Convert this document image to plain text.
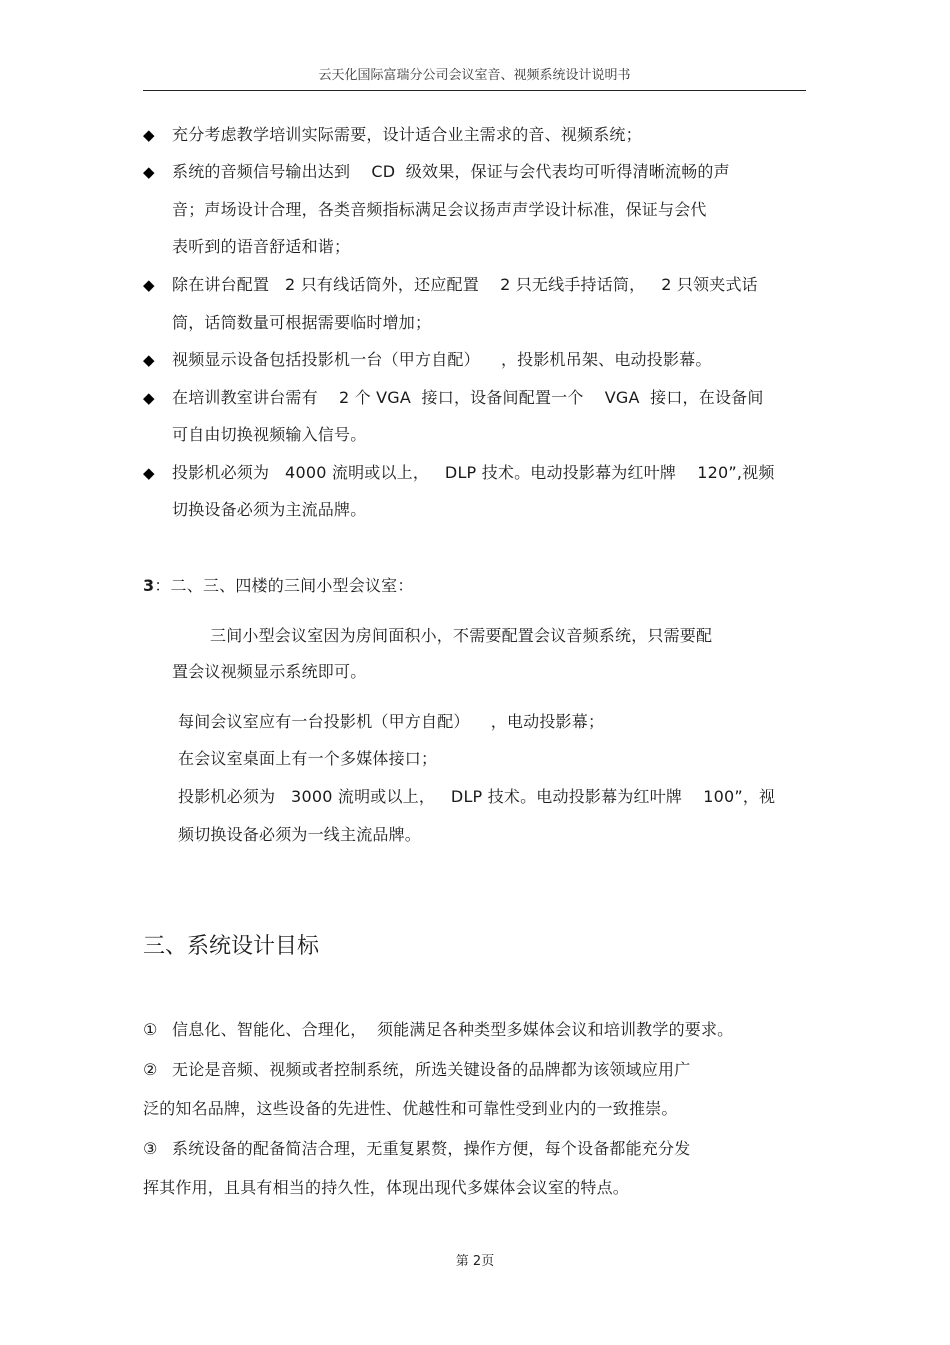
云天化国际富瑞分公司会议室音、视频系统设计说明书
◆ 充分考虑教学培训实际需要，设计适合业主需求的音、视频系统；
◆ 系统的音频信号输出达到    CD  级效果，保证与会代表均可听得清晰流畅的声
音；声场设计合理，各类音频指标满足会议扬声声学设计标准，保证与会代
表听到的语音舒适和谐；
◆ 除在讲台配置   2 只有线话筒外，还应配置    2 只无线手持话筒，   2 只领夹式话
筒，话筒数量可根据需要临时增加；
◆ 视频显示设备包括投影机一台（甲方自配）    ，投影机吊架、电动投影幕。
◆ 在培训教室讲台需有    2 个 VGA  接口，设备间配置一个    VGA  接口，在设备间
可自由切换视频输入信号。
◆ 投影机必须为   4000 流明或以上，   DLP 技术。电动投影幕为红叶牌    120”,视频
切换设备必须为主流品牌。
3：二、三、四楼的三间小型会议室：
三间小型会议室因为房间面积小，不需要配置会议音频系统，只需要配
置会议视频显示系统即可。
每间会议室应有一台投影机（甲方自配）    ，电动投影幕；
在会议室桌面上有一个多媒体接口；
投影机必须为   3000 流明或以上，   DLP 技术。电动投影幕为红叶牌    100”，视
频切换设备必须为一线主流品牌。
三、系统设计目标
① 信息化、智能化、合理化，  须能满足各种类型多媒体会议和培训教学的要求。
② 无论是音频、视频或者控制系统，所选关键设备的品牌都为该领域应用广
泛的知名品牌，这些设备的先进性、优越性和可靠性受到业内的一致推崇。
③ 系统设备的配备简洁合理，无重复累赘，操作方便，每个设备都能充分发
挥其作用，且具有相当的持久性，体现出现代多媒体会议室的特点。
第 2页
